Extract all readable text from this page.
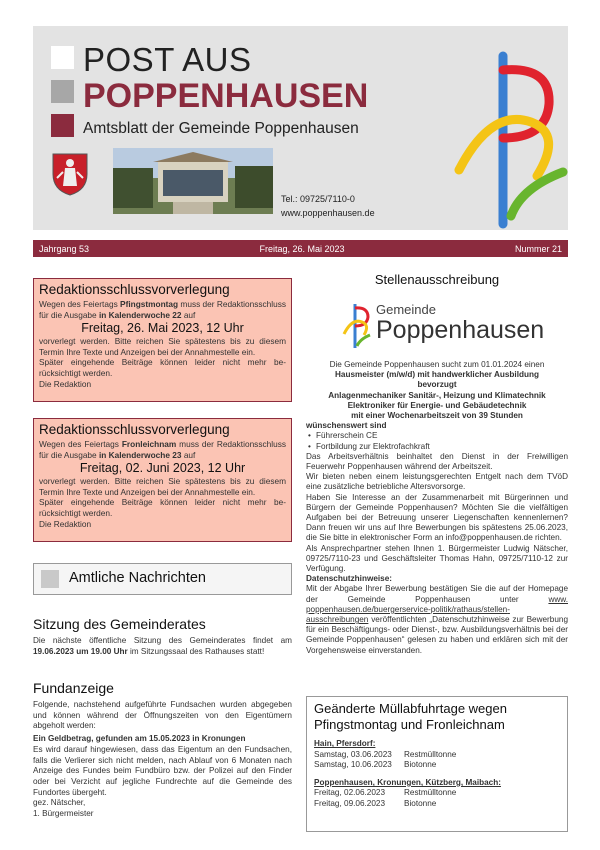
POST AUS
POPPENHAUSEN
Amtsblatt der Gemeinde Poppenhausen
Tel.: 09725/7110-0
www.poppenhausen.de
Jahrgang 53	Freitag, 26. Mai 2023	Nummer 21
Redaktionsschlussvorverlegung
Wegen des Feiertags Pfingstmontag muss der Redaktionsschluss für die Ausgabe in Kalenderwoche 22 auf
Freitag, 26. Mai 2023, 12 Uhr
vorverlegt werden. Bitte reichen Sie spätestens bis zu diesem Termin Ihre Texte und Anzeigen bei der Annahmestelle ein.
Später eingehende Beiträge können leider nicht mehr berücksichtigt werden.
Die Redaktion
Redaktionsschlussvorverlegung
Wegen des Feiertags Fronleichnam muss der Redaktionsschluss für die Ausgabe in Kalenderwoche 23 auf
Freitag, 02. Juni 2023, 12 Uhr
vorverlegt werden. Bitte reichen Sie spätestens bis zu diesem Termin Ihre Texte und Anzeigen bei der Annahmestelle ein.
Später eingehende Beiträge können leider nicht mehr berücksichtigt werden.
Die Redaktion
Amtliche Nachrichten
Sitzung des Gemeinderates
Die nächste öffentliche Sitzung des Gemeinderates findet am 19.06.2023 um 19.00 Uhr im Sitzungssaal des Rathauses statt!
Fundanzeige
Folgende, nachstehend aufgeführte Fundsachen wurden abgegeben und können während der Öffnungszeiten von den Eigentümern abgeholt werden:
Ein Geldbetrag, gefunden am 15.05.2023 in Kronungen
Es wird darauf hingewiesen, dass das Eigentum an den Fundsachen, falls die Verlierer sich nicht melden, nach Ablauf von 6 Monaten nach Anzeige des Fundes beim Fundbüro bzw. der Polizei auf den Finder oder bei Verzicht auf jegliche Fundrechte auf die Gemeinde des Fundortes übergeht.
gez. Nätscher,
1. Bürgermeister
Stellenausschreibung
Gemeinde
Poppenhausen
Die Gemeinde Poppenhausen sucht zum 01.01.2024 einen
Hausmeister (m/w/d) mit handwerklicher Ausbildung
bevorzugt
Anlagenmechaniker Sanitär-, Heizung und Klimatechnik
Elektroniker für Energie- und Gebäudetechnik
mit einer Wochenarbeitszeit von 39 Stunden
wünschenswert sind
• Führerschein CE
• Fortbildung zur Elektrofachkraft
Das Arbeitsverhältnis beinhaltet den Dienst in der Freiwilligen Feuerwehr Poppenhausen während der Arbeitszeit.
Wir bieten neben einem leistungsgerechten Entgelt nach dem TVöD eine zusätzliche betriebliche Altersvorsorge.
Haben Sie Interesse an der Zusammenarbeit mit Bürgerinnen und Bürgern der Gemeinde Poppenhausen? Möchten Sie die vielfältigen Aufgaben bei der Betreuung unserer Liegenschaften kennenlernen? Dann freuen wir uns auf Ihre Bewerbungen bis spätestens 25.06.2023, die Sie bitte in elektronischer Form an info@poppenhausen.de richten.
Als Ansprechpartner stehen Ihnen 1. Bürgermeister Ludwig Nätscher, 09725/7110-23 und Geschäftsleiter Thomas Hahn, 09725/7110-12 zur Verfügung.
Datenschutzhinweise:
Mit der Abgabe Ihrer Bewerbung bestätigen Sie die auf der Homepage der Gemeinde Poppenhausen unter www. poppenhausen.de/buergerservice-politik/rathaus/stellenausschreibungen veröffentlichten „Datenschutzhinweise zur Bewerbung für ein Beschäftigungs- oder Dienst-, bzw. Ausbildungsverhältnis bei der Gemeinde Poppenhausen“ gelesen zu haben und erklären sich mit der Vorgehensweise einverstanden.
Geänderte Müllabfuhrtage wegen Pfingstmontag und Fronleichnam
Hain, Pfersdorf:
Samstag, 03.06.2023	Restmülltonne
Samstag, 10.06.2023	Biotonne
Poppenhausen, Kronungen, Kützberg, Maibach:
Freitag, 02.06.2023	Restmülltonne
Freitag, 09.06.2023	Biotonne
